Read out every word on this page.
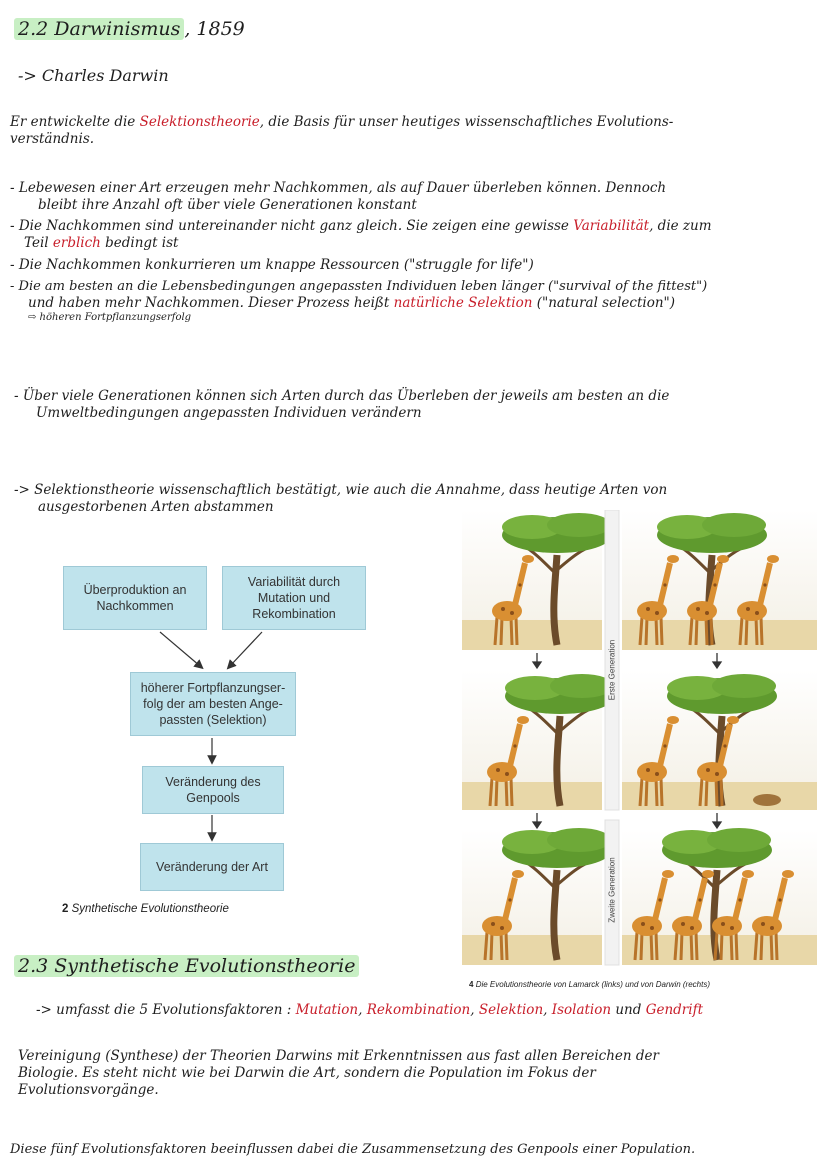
2.2 Darwinismus , 1859
-> Charles Darwin
Er entwickelte die Selektionstheorie, die Basis für unser heutiges wissenschaftliches Evolutions-
verständnis.
- Lebewesen einer Art erzeugen mehr Nachkommen, als auf Dauer überleben können. Dennoch
bleibt ihre Anzahl oft über viele Generationen konstant
- Die Nachkommen sind untereinander nicht ganz gleich. Sie zeigen eine gewisse Variabilität, die zum
Teil erblich bedingt ist
- Die Nachkommen konkurrieren um knappe Ressourcen ("struggle for life")
- Die am besten an die Lebensbedingungen angepassten Individuen leben länger ("survival of the fittest")
und haben mehr Nachkommen. Dieser Prozess heißt natürliche Selektion ("natural selection")
⇨ höheren Fortpflanzungserfolg
- Über viele Generationen können sich Arten durch das Überleben der jeweils am besten an die
Umweltbedingungen angepassten Individuen verändern
-> Selektionstheorie wissenschaftlich bestätigt, wie auch die Annahme, dass heutige Arten von
ausgestorbenen Arten abstammen
Überproduktion an Nachkommen
Variabilität durch Mutation und Rekombination
höherer Fortpflanzungser-folg der am besten Ange-passten (Selektion)
Veränderung des Genpools
Veränderung der Art
2 Synthetische Evolutionstheorie
Erste Generation
Zweite Generation
4 Die Evolutionstheorie von Lamarck (links) und von Darwin (rechts)
2.3 Synthetische Evolutionstheorie
-> umfasst die 5 Evolutionsfaktoren : Mutation, Rekombination, Selektion, Isolation und Gendrift
Vereinigung (Synthese) der Theorien Darwins mit Erkenntnissen aus fast allen Bereichen der
Biologie. Es steht nicht wie bei Darwin die Art, sondern die Population im Fokus der
Evolutionsvorgänge.
Diese fünf Evolutionsfaktoren beeinflussen dabei die Zusammensetzung des Genpools einer Population.
